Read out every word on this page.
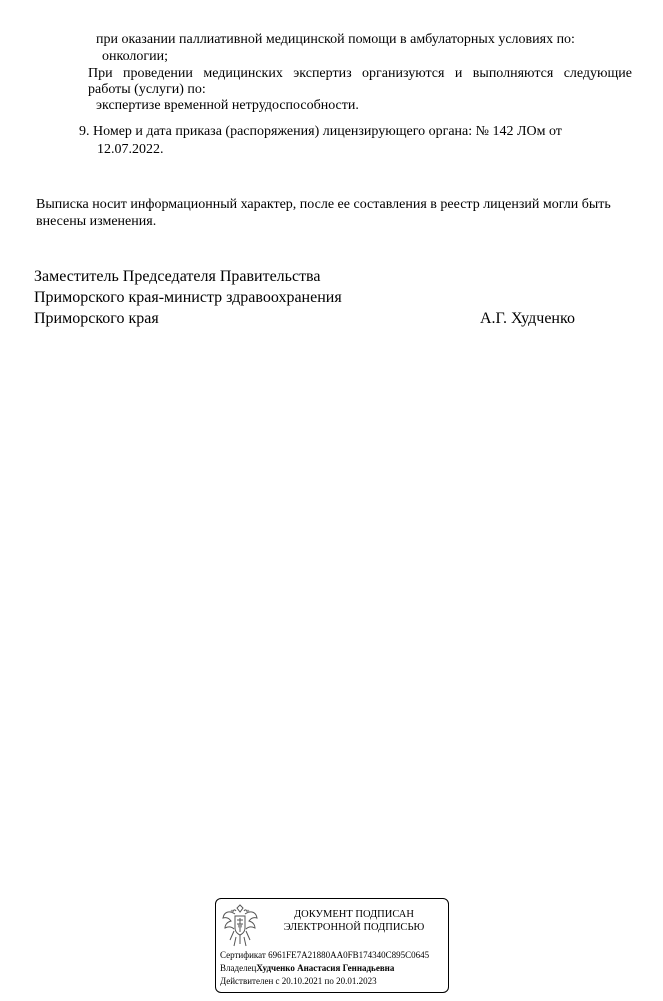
при оказании паллиативной медицинской помощи в амбулаторных условиях по:
онкологии;
При проведении медицинских экспертиз организуются и выполняются следующие
работы (услуги) по:
экспертизе временной нетрудоспособности.
9. Номер и дата приказа (распоряжения) лицензирующего органа: № 142 ЛОм от
12.07.2022.
Выписка носит информационный характер, после ее составления в реестр лицензий могли быть
внесены изменения.
Заместитель Председателя Правительства
Приморского края-министр здравоохранения
Приморского края	А.Г. Худченко
ДОКУМЕНТ ПОДПИСАН
ЭЛЕКТРОННОЙ ПОДПИСЬЮ
Сертификат 6961FE7A21880AA0FB174340C895C0645
ВладелецХудченко Анастасия Геннадьевна
Действителен с 20.10.2021 по 20.01.2023
